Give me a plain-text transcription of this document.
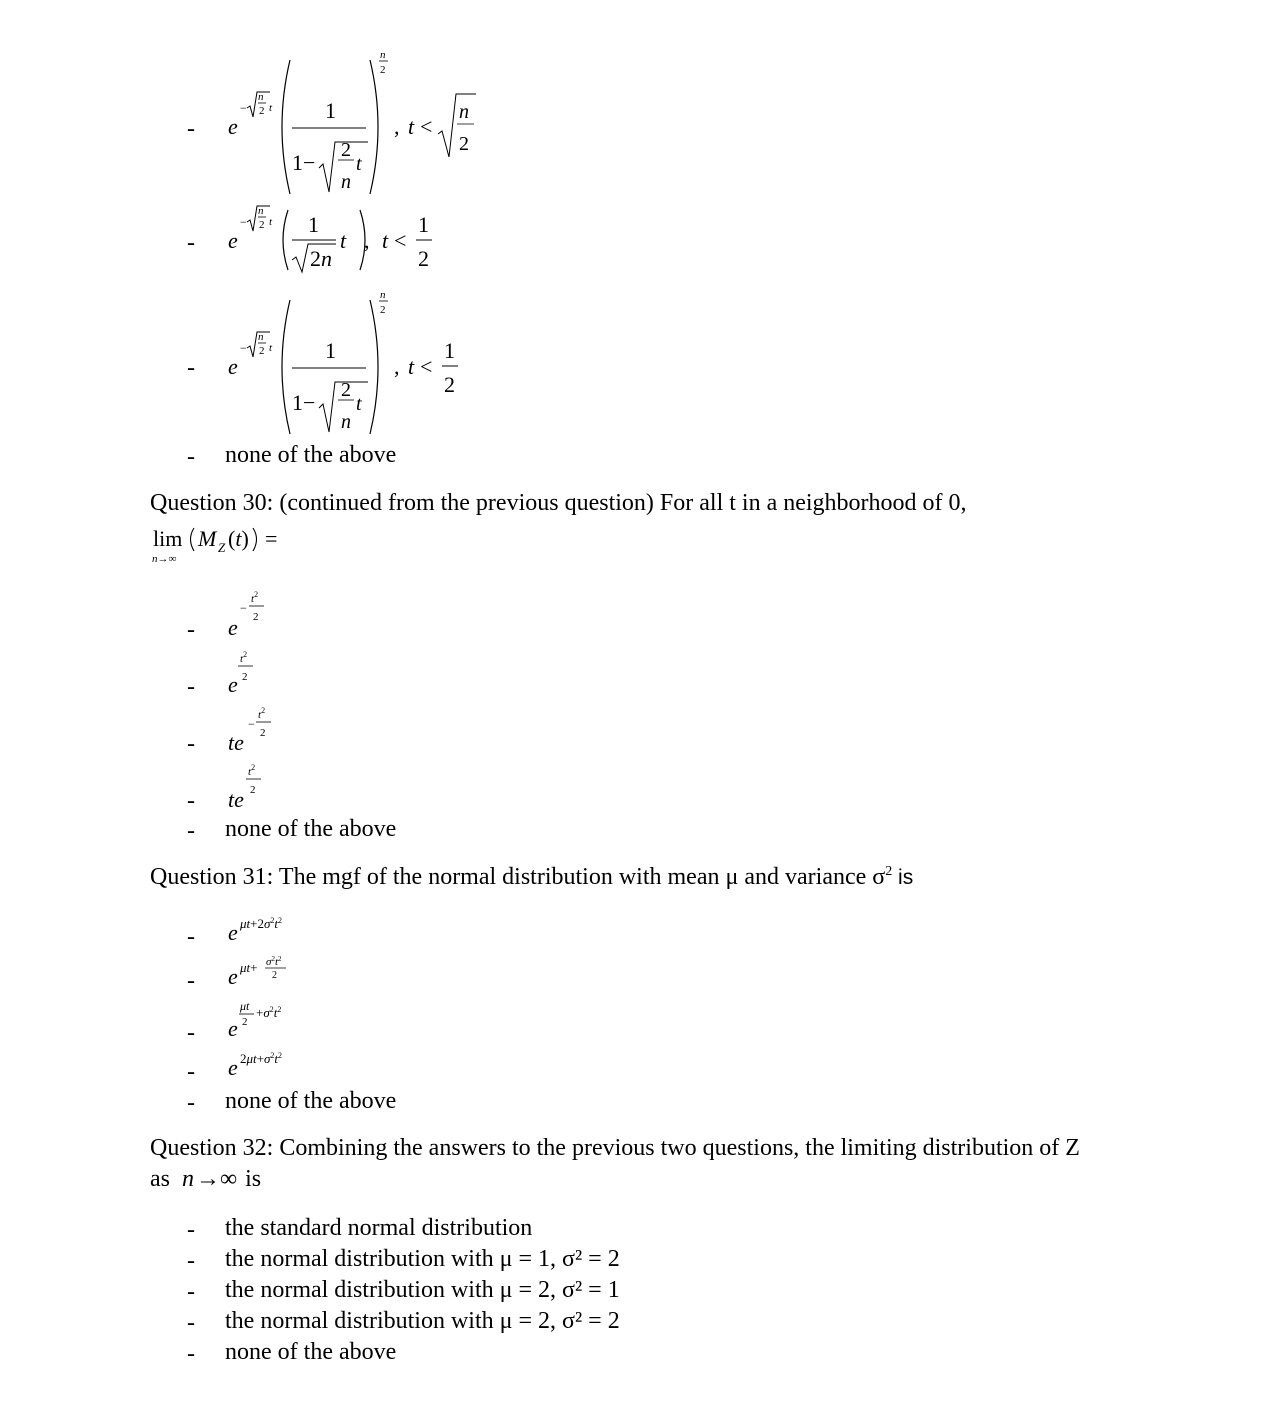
- e
−
n
2 t 1
1− 2
t
n
n
2
, t <
n
2
- e
−
n
2 t 1
2n
t , t <
1
2
- e
−
n
2 t 1
1− 2
t
n
n
2
, t <
1
2
- none of the above
Question 30: (continued from the previous question) For all t in a neighborhood of 0,
lim
n→∞
M Z (t) =
- e
−
$t^2$
2
- e
$t^2$
2
- te
−
$t^2$
2
- te
$t^2$
2
- none of the above
Question 31: The mgf of the normal distribution with mean μ and variance $\sigma^2$ is
- e $\mu t+2\sigma^2t^2$
- e $\mu t+ \sigma^2t^2$
2
- e
μt
2
$+\sigma^2t^2$
- e $2\mu t+\sigma^2t^2$
- none of the above
Question 32: Combining the answers to the previous two questions, the limiting distribution of Z
as n→∞ is
- the standard normal distribution
- the normal distribution with μ = 1, σ² = 2
- the normal distribution with μ = 2, σ² = 1
- the normal distribution with μ = 2, σ² = 2
- none of the above
